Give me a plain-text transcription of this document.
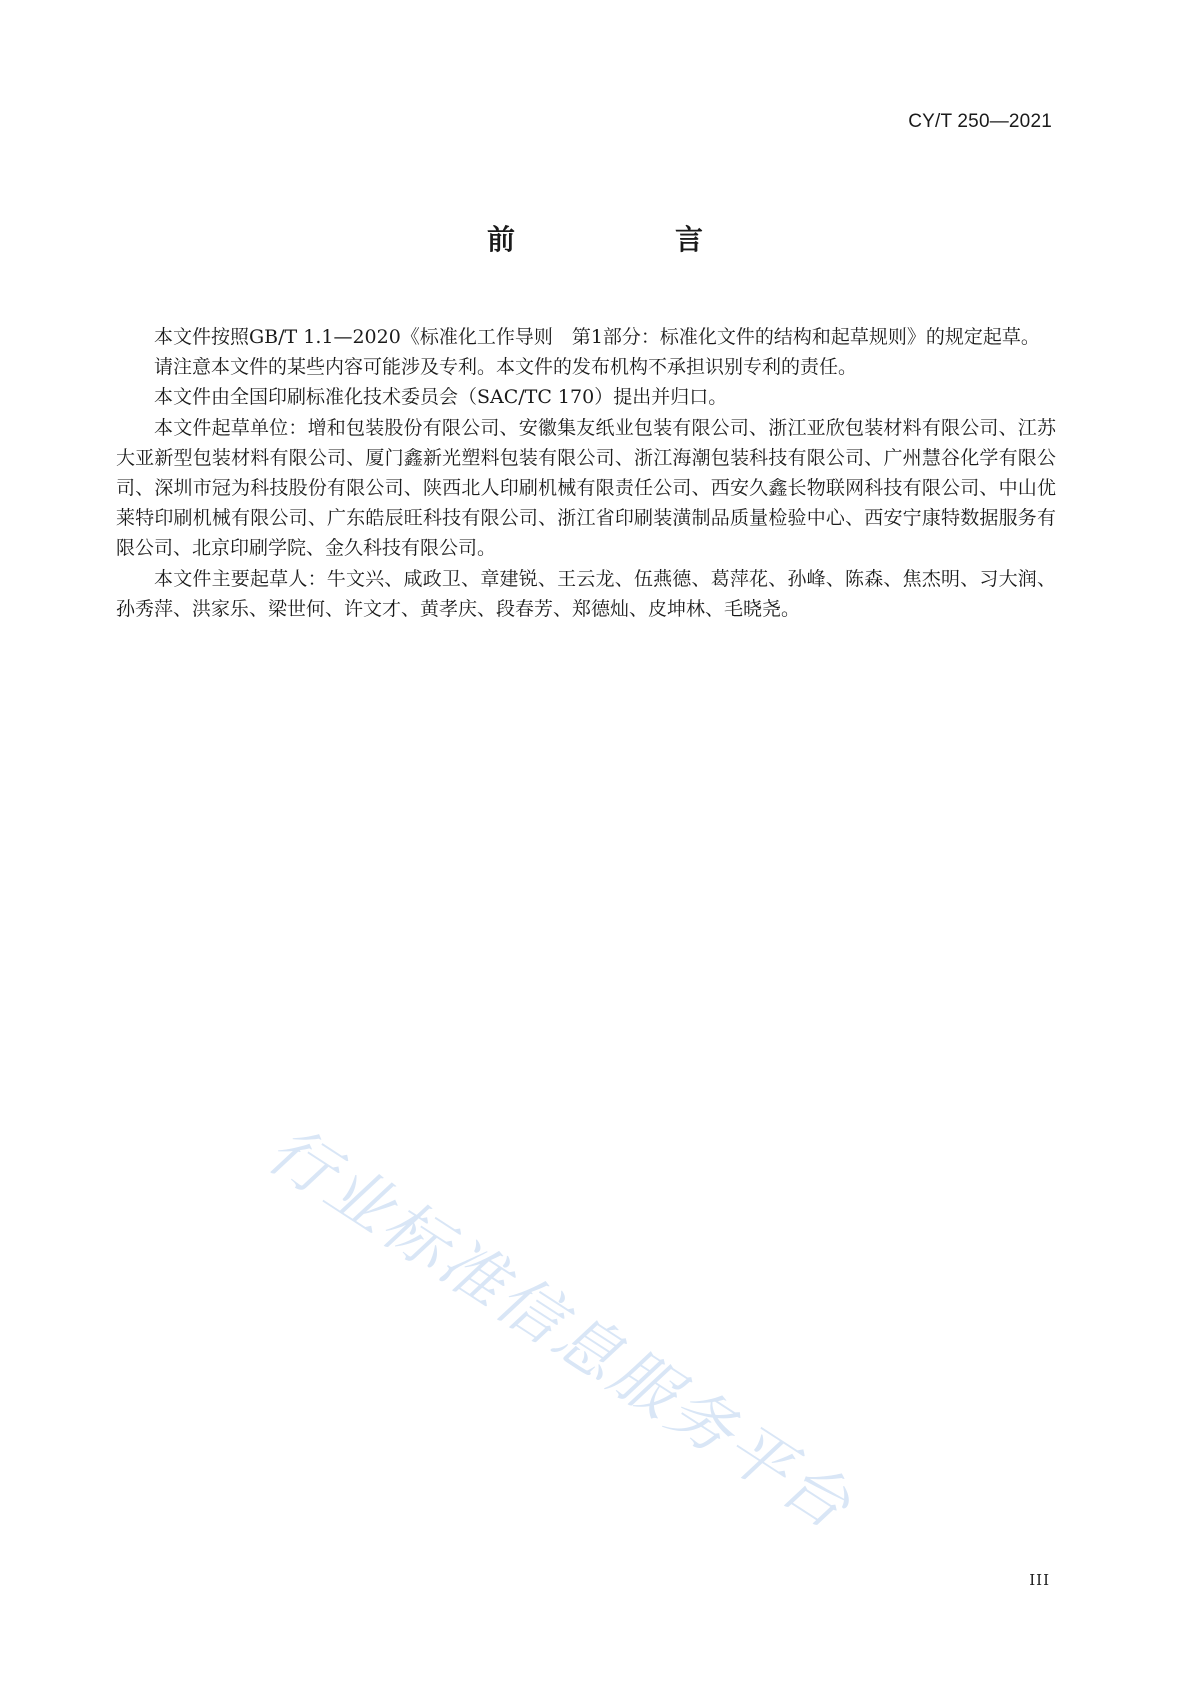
CY/T 250—2021
前　言

本文件按照GB/T 1.1—2020《标准化工作导则　第1部分：标准化文件的结构和起草规则》的规定起草。

请注意本文件的某些内容可能涉及专利。本文件的发布机构不承担识别专利的责任。

本文件由全国印刷标准化技术委员会（SAC/TC 170）提出并归口。

本文件起草单位：增和包装股份有限公司、安徽集友纸业包装有限公司、浙江亚欣包装材料有限公司、江苏大亚新型包装材料有限公司、厦门鑫新光塑料包装有限公司、浙江海潮包装科技有限公司、广州慧谷化学有限公司、深圳市冠为科技股份有限公司、陕西北人印刷机械有限责任公司、西安久鑫长物联网科技有限公司、中山优莱特印刷机械有限公司、广东皓辰旺科技有限公司、浙江省印刷装潢制品质量检验中心、西安宁康特数据服务有限公司、北京印刷学院、金久科技有限公司。

本文件主要起草人：牛文兴、咸政卫、章建锐、王云龙、伍燕德、葛萍花、孙峰、陈森、焦杰明、习大润、孙秀萍、洪家乐、梁世何、许文才、黄孝庆、段春芳、郑德灿、皮坤林、毛晓尧。

行业标准信息服务平台
III
